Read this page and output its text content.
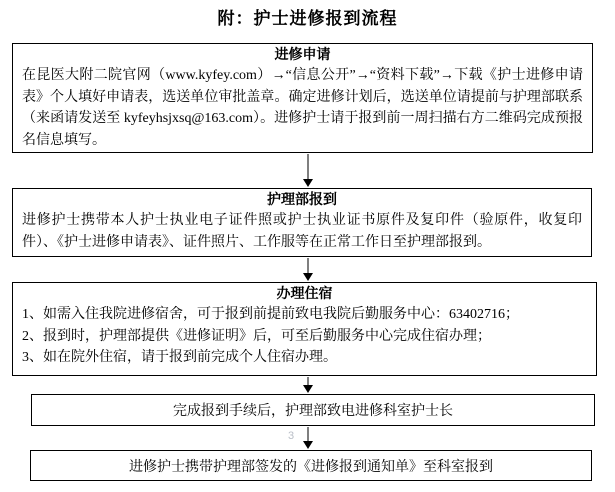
附：护士进修报到流程
进修申请
在昆医大附二院官网（www.kyfey.com）→“信息公开”→“资料下载”→下载《护士进修申请表》个人填好申请表，选送单位审批盖章。确定进修计划后，选送单位请提前与护理部联系（来函请发送至 kyfeyhsjxsq@163.com）。进修护士请于报到前一周扫描右方二维码完成预报名信息填写。
护理部报到
进修护士携带本人护士执业电子证件照或护士执业证书原件及复印件（验原件，收复印件）、《护士进修申请表》、证件照片、工作服等在正常工作日至护理部报到。
办理住宿
1、如需入住我院进修宿舍，可于报到前提前致电我院后勤服务中心：63402716；
2、报到时，护理部提供《进修证明》后，可至后勤服务中心完成住宿办理；
3、如在院外住宿，请于报到前完成个人住宿办理。
完成报到手续后，护理部致电进修科室护士长
3
进修护士携带护理部签发的《进修报到通知单》至科室报到
